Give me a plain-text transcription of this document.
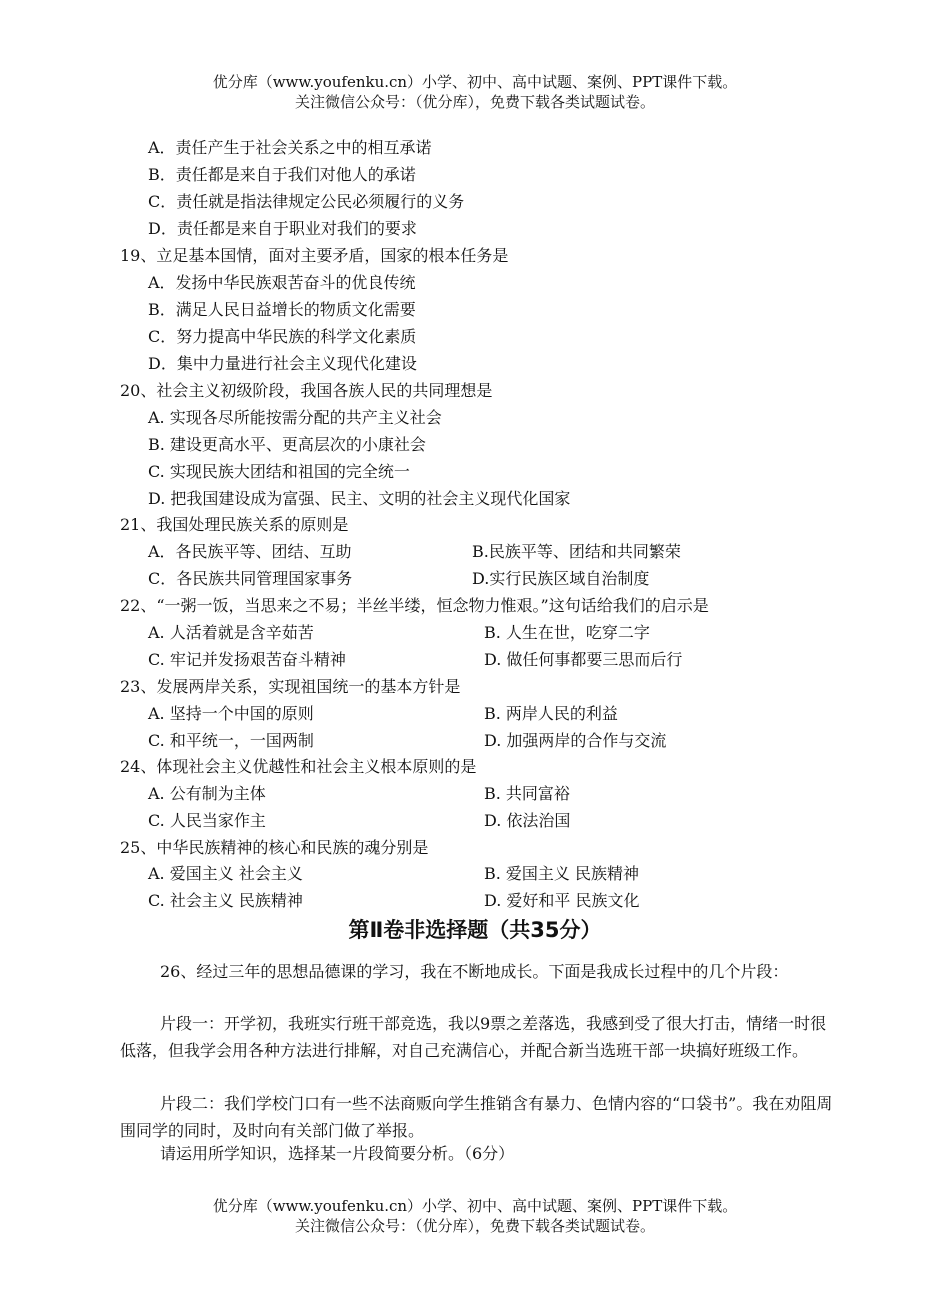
优分库（www.youfenku.cn）小学、初中、高中试题、案例、PPT课件下载。
关注微信公众号：（优分库），免费下载各类试题试卷。
A．责任产生于社会关系之中的相互承诺
B．责任都是来自于我们对他人的承诺
C．责任就是指法律规定公民必须履行的义务
D．责任都是来自于职业对我们的要求
19、立足基本国情，面对主要矛盾，国家的根本任务是
A．发扬中华民族艰苦奋斗的优良传统
B．满足人民日益增长的物质文化需要
C．努力提高中华民族的科学文化素质
D．集中力量进行社会主义现代化建设
20、社会主义初级阶段，我国各族人民的共同理想是
A. 实现各尽所能按需分配的共产主义社会
B. 建设更高水平、更高层次的小康社会
C. 实现民族大团结和祖国的完全统一
D. 把我国建设成为富强、民主、文明的社会主义现代化国家
21、我国处理民族关系的原则是
A．各民族平等、团结、互助	B.民族平等、团结和共同繁荣
C．各民族共同管理国家事务	D.实行民族区域自治制度
22、“一粥一饭，当思来之不易；半丝半缕，恒念物力惟艰。”这句话给我们的启示是
A. 人活着就是含辛茹苦	B. 人生在世，吃穿二字
C. 牢记并发扬艰苦奋斗精神	D. 做任何事都要三思而后行
23、发展两岸关系，实现祖国统一的基本方针是
A. 坚持一个中国的原则	B. 两岸人民的利益
C. 和平统一，一国两制	D. 加强两岸的合作与交流
24、体现社会主义优越性和社会主义根本原则的是
A. 公有制为主体	B. 共同富裕
C. 人民当家作主	D. 依法治国
25、中华民族精神的核心和民族的魂分别是
A. 爱国主义 社会主义	B. 爱国主义 民族精神
C. 社会主义 民族精神	D. 爱好和平 民族文化
第Ⅱ卷非选择题（共35分）
26、经过三年的思想品德课的学习，我在不断地成长。下面是我成长过程中的几个片段：
片段一：开学初，我班实行班干部竞选，我以9票之差落选，我感到受了很大打击，情绪一时很低落，但我学会用各种方法进行排解，对自己充满信心，并配合新当选班干部一块搞好班级工作。
片段二：我们学校门口有一些不法商贩向学生推销含有暴力、色情内容的“口袋书”。我在劝阻周围同学的同时，及时向有关部门做了举报。
请运用所学知识，选择某一片段简要分析。（6分）
优分库（www.youfenku.cn）小学、初中、高中试题、案例、PPT课件下载。
关注微信公众号：（优分库），免费下载各类试题试卷。
